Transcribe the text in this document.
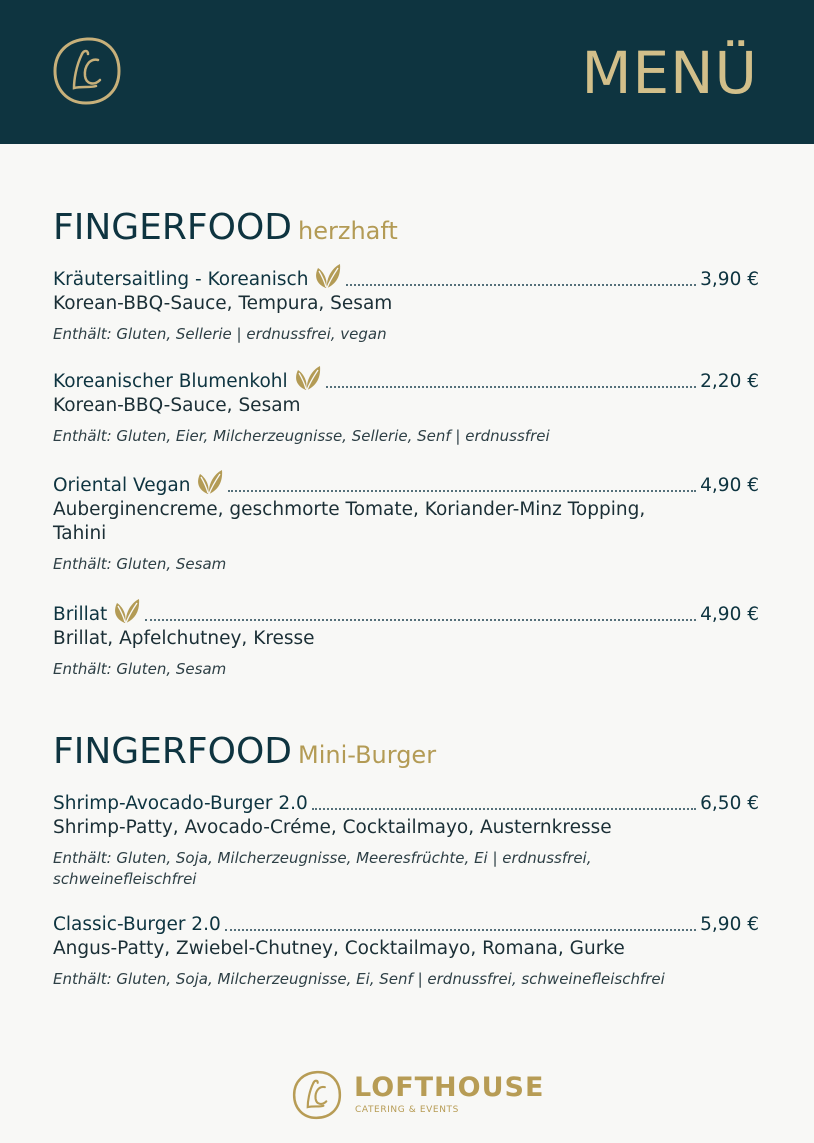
MENÜ
FINGERFOOD herzhaft
Kräutersaitling - Koreanisch	3,90 €
Korean-BBQ-Sauce, Tempura, Sesam
Enthält: Gluten, Sellerie | erdnussfrei, vegan
Koreanischer Blumenkohl	2,20 €
Korean-BBQ-Sauce, Sesam
Enthält: Gluten, Eier, Milcherzeugnisse, Sellerie, Senf | erdnussfrei
Oriental Vegan	4,90 €
Auberginencreme, geschmorte Tomate, Koriander-Minz Topping, Tahini
Enthält: Gluten, Sesam
Brillat	4,90 €
Brillat, Apfelchutney, Kresse
Enthält: Gluten, Sesam
FINGERFOOD Mini-Burger
Shrimp-Avocado-Burger 2.0	6,50 €
Shrimp-Patty, Avocado-Créme, Cocktailmayo, Austernkresse
Enthält: Gluten, Soja, Milcherzeugnisse, Meeresfrüchte, Ei | erdnussfrei, schweinefleischfrei
Classic-Burger 2.0	5,90 €
Angus-Patty, Zwiebel-Chutney, Cocktailmayo, Romana, Gurke
Enthält: Gluten, Soja, Milcherzeugnisse, Ei, Senf | erdnussfrei, schweinefleischfrei
LOFTHOUSE
CATERING & EVENTS
